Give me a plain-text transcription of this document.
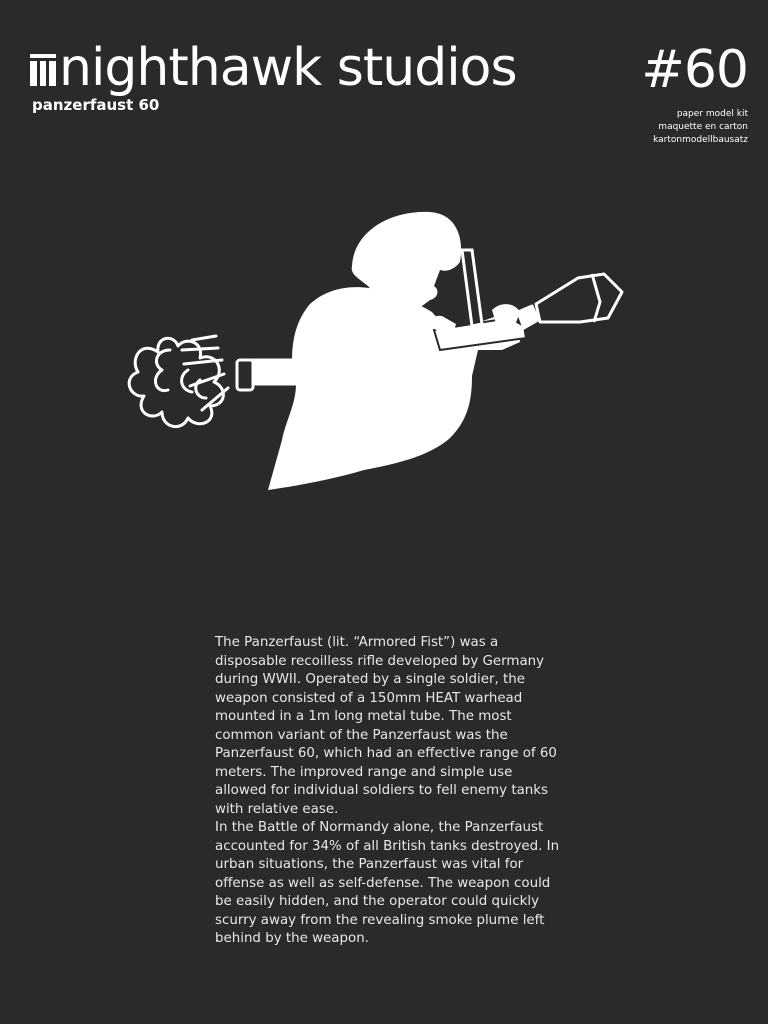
nighthawk studios
panzerfaust 60
#60
paper model kit
maquette en carton
kartonmodellbausatz

The Panzerfaust (lit. “Armored Fist”) was a disposable recoilless rifle developed by Germany during WWII. Operated by a single soldier, the weapon consisted of a 150mm HEAT warhead mounted in a 1m long metal tube. The most common variant of the Panzerfaust was the Panzerfaust 60, which had an effective range of 60 meters. The improved range and simple use allowed for individual soldiers to fell enemy tanks with relative ease.

In the Battle of Normandy alone, the Panzerfaust accounted for 34% of all British tanks destroyed. In urban situations, the Panzerfaust was vital for offense as well as self-defense. The weapon could be easily hidden, and the operator could quickly scurry away from the revealing smoke plume left behind by the weapon.
